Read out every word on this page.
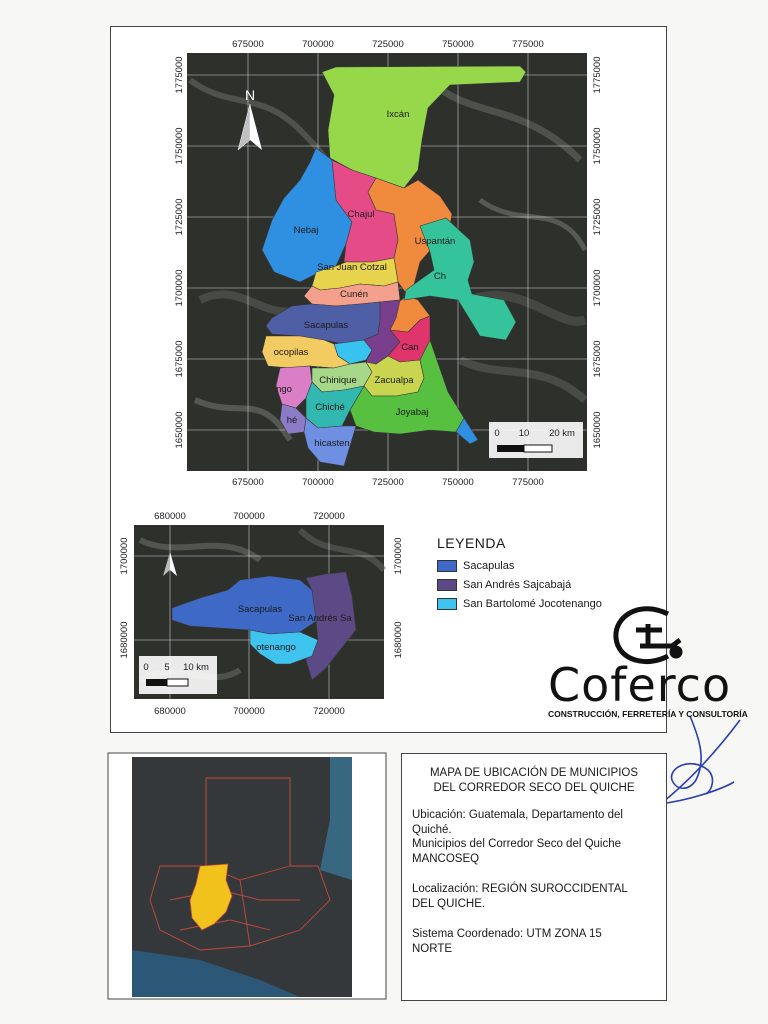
675000	700000	725000	750000	775000
675000	700000	725000	750000	775000
1775000
1750000
1725000
1700000
1675000
1650000
1775000
1750000
1725000
1700000
1675000
1650000
Ixcán
Nebaj
Chajul
Uspantán
Ch
San Juan Cotzal
Cunén
Sacapulas
Can
ocopilas
Chinique Zacualpa
Joyabaj
ngo
Chiché
hé
hicasten
N
0 10 20 km
680000	700000	720000
680000	700000	720000
1700000
1680000
1700000
1680000
Sacapulas
San Andrés Sa
otenango
0 5 10 km
LEYENDA
Sacapulas
San Andrés Sajcabajá
San Bartolomé Jocotenango
Coferco
CONSTRUCCIÓN, FERRETERÍA Y CONSULTORÍA
MAPA DE UBICACIÓN DE MUNICIPIOS
DEL CORREDOR SECO DEL QUICHE
Ubicación: Guatemala, Departamento del
Quiché.
Municipios del Corredor Seco del Quiche
MANCOSEQ
Localización: REGIÓN SUROCCIDENTAL
DEL QUICHE.
Sistema Coordenado: UTM ZONA 15
NORTE
